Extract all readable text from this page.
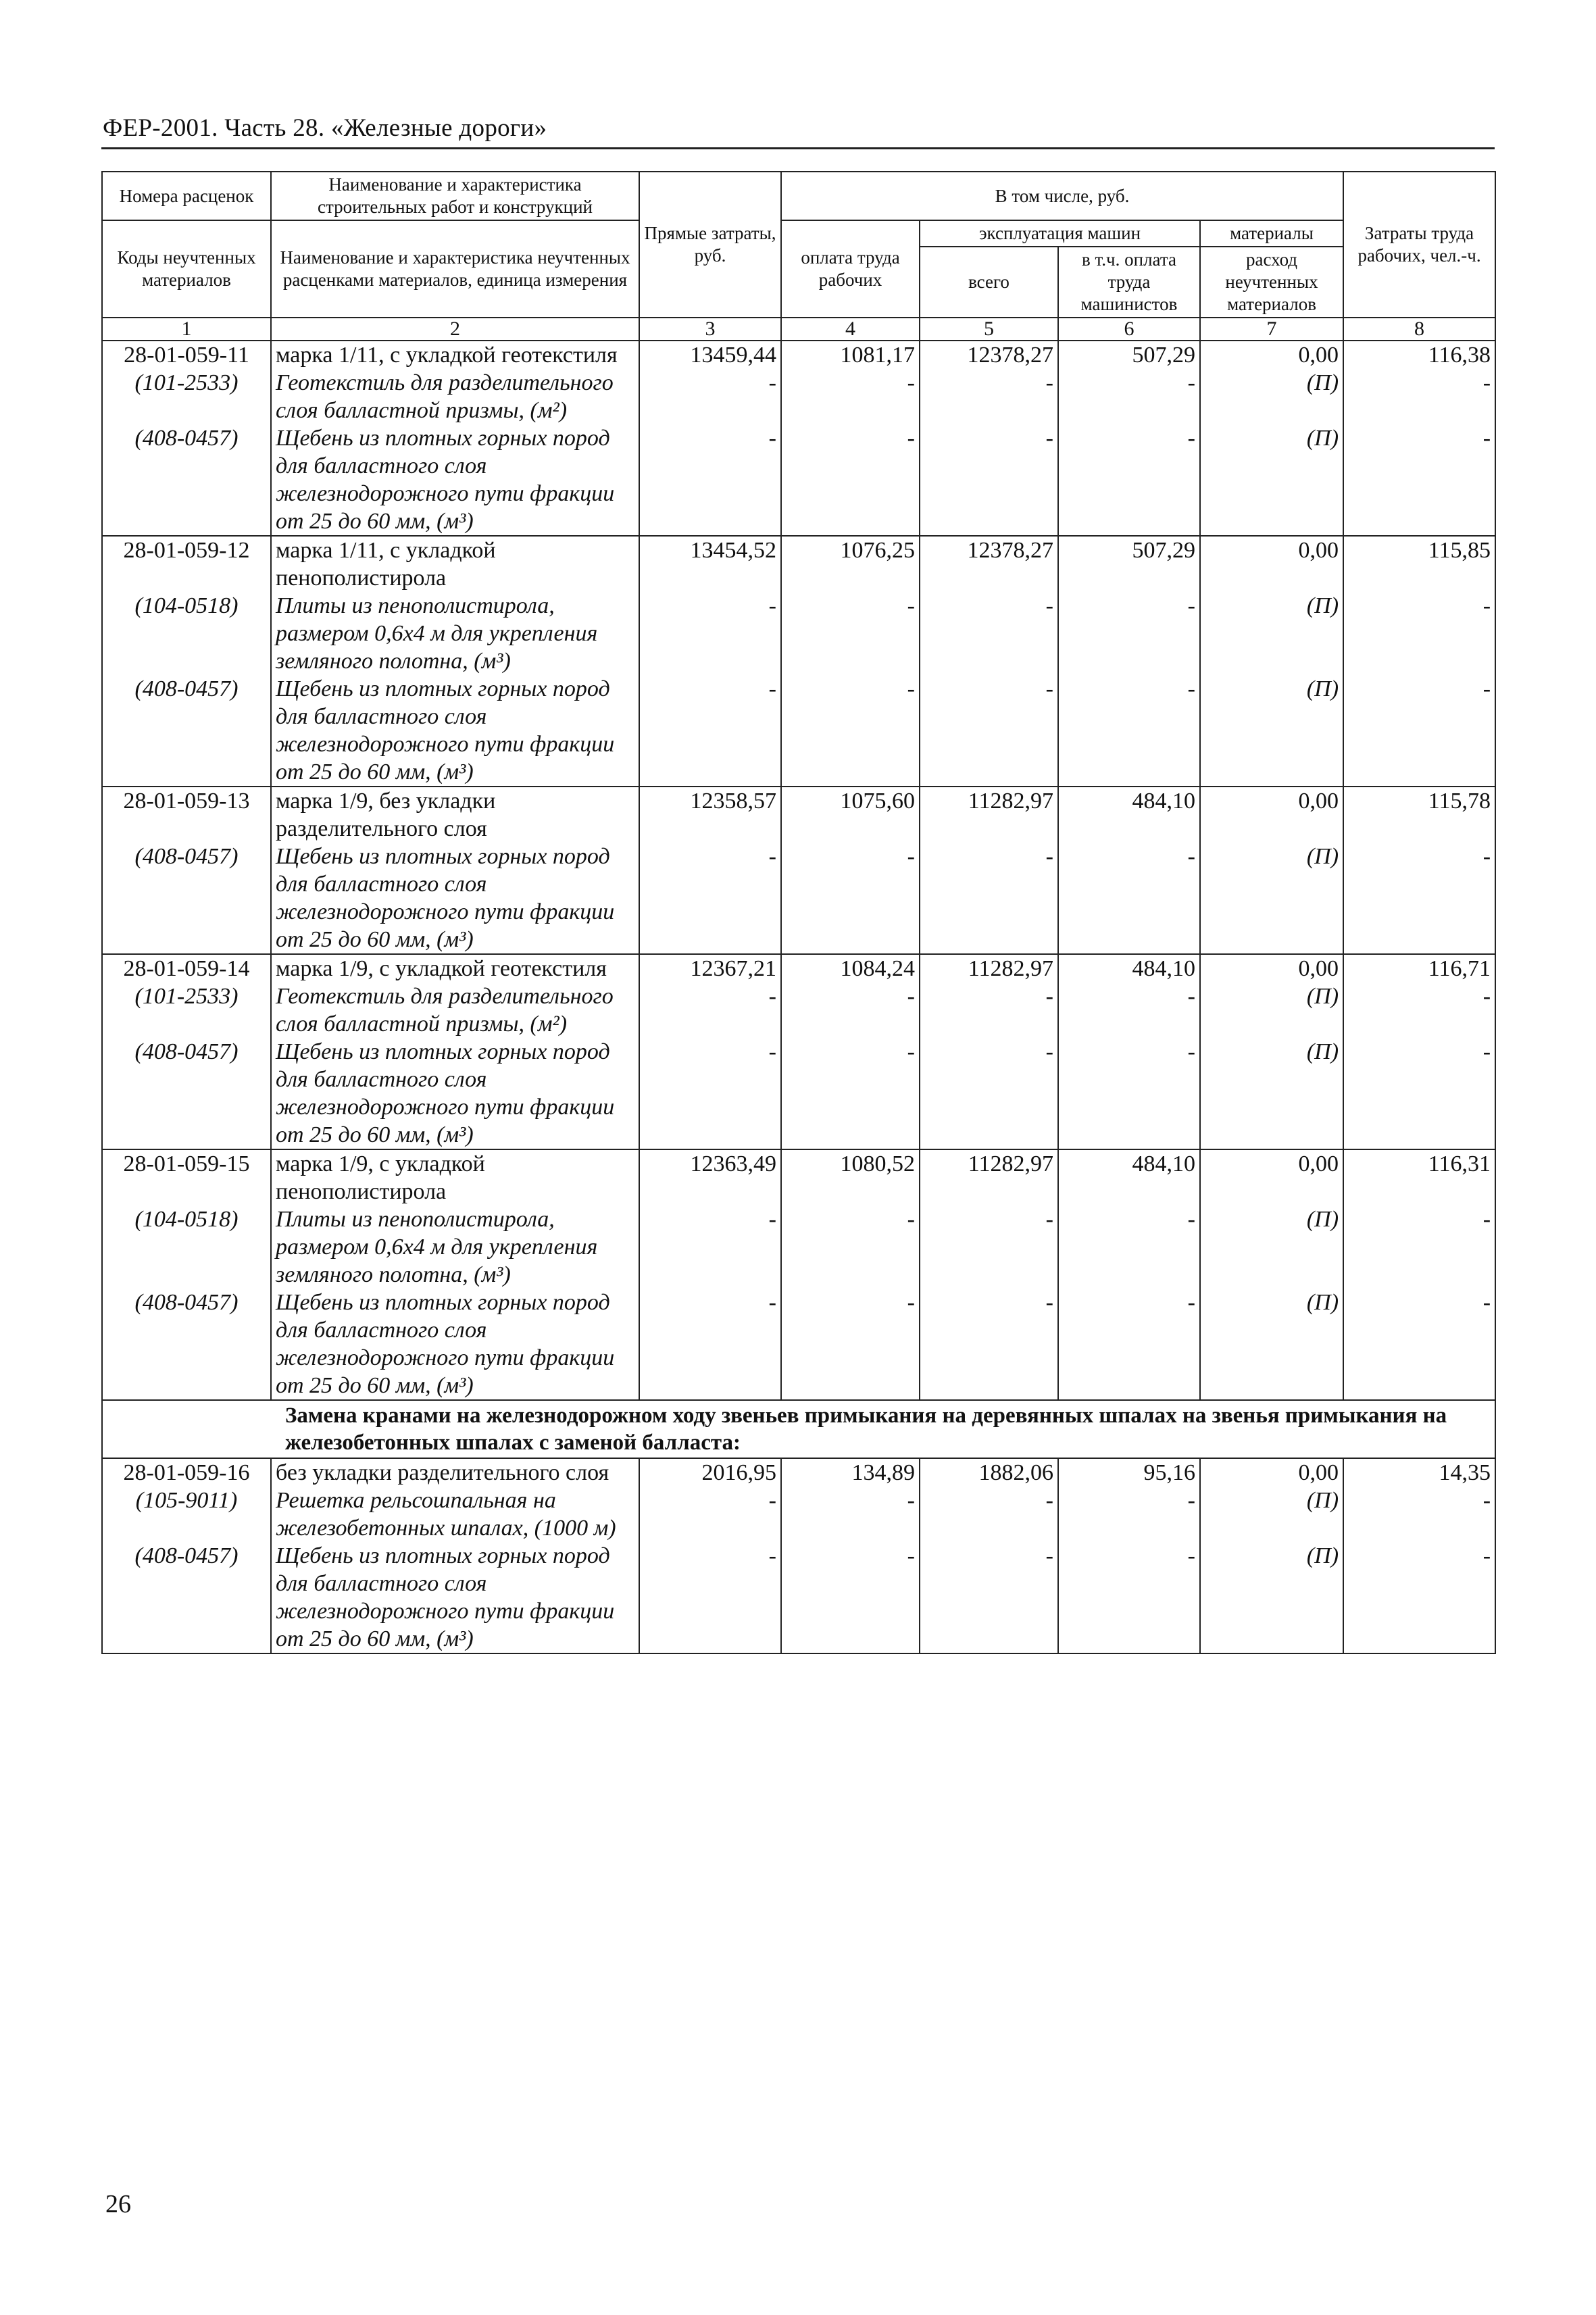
ФЕР-2001. Часть 28. «Железные дороги»
Номера расценок	Наименование и характеристика строительных работ и конструкций	Прямые затраты, руб.	В том числе, руб.				Затраты труда рабочих, чел.-ч.
Коды неучтенных материалов	Наименование и характеристика неучтенных расценками материалов, единица измерения		оплата труда рабочих	эксплуатация машин		материалы	
				всего	в т.ч. оплата труда машинистов	расход неучтенных материалов	
1	2	3	4	5	6	7	8
28-01-059-11	марка 1/11, с укладкой геотекстиля	13459,44	1081,17	12378,27	507,29	0,00	116,38
(101-2533)	Геотекстиль для разделительного слоя балластной призмы, (м²)	-	-	-	-	(П)	-
(408-0457)	Щебень из плотных горных пород для балластного слоя железнодорожного пути фракции от 25 до 60 мм, (м³)	-	-	-	-	(П)	-
28-01-059-12	марка 1/11, с укладкой пенополистирола	13454,52	1076,25	12378,27	507,29	0,00	115,85
(104-0518)	Плиты из пенополистирола, размером 0,6х4 м для укрепления земляного полотна, (м³)	-	-	-	-	(П)	-
(408-0457)	Щебень из плотных горных пород для балластного слоя железнодорожного пути фракции от 25 до 60 мм, (м³)	-	-	-	-	(П)	-
28-01-059-13	марка 1/9, без укладки разделительного слоя	12358,57	1075,60	11282,97	484,10	0,00	115,78
(408-0457)	Щебень из плотных горных пород для балластного слоя железнодорожного пути фракции от 25 до 60 мм, (м³)	-	-	-	-	(П)	-
28-01-059-14	марка 1/9, с укладкой геотекстиля	12367,21	1084,24	11282,97	484,10	0,00	116,71
(101-2533)	Геотекстиль для разделительного слоя балластной призмы, (м²)	-	-	-	-	(П)	-
(408-0457)	Щебень из плотных горных пород для балластного слоя железнодорожного пути фракции от 25 до 60 мм, (м³)	-	-	-	-	(П)	-
28-01-059-15	марка 1/9, с укладкой пенополистирола	12363,49	1080,52	11282,97	484,10	0,00	116,31
(104-0518)	Плиты из пенополистирола, размером 0,6х4 м для укрепления земляного полотна, (м³)	-	-	-	-	(П)	-
(408-0457)	Щебень из плотных горных пород для балластного слоя железнодорожного пути фракции от 25 до 60 мм, (м³)	-	-	-	-	(П)	-
Замена кранами на железнодорожном ходу звеньев примыкания на деревянных шпалах на звенья примыкания на железобетонных шпалах с заменой балласта:							
28-01-059-16	без укладки разделительного слоя	2016,95	134,89	1882,06	95,16	0,00	14,35
(105-9011)	Решетка рельсошпальная на железобетонных шпалах, (1000 м)	-	-	-	-	(П)	-
(408-0457)	Щебень из плотных горных пород для балластного слоя железнодорожного пути фракции от 25 до 60 мм, (м³)	-	-	-	-	(П)	-
26
